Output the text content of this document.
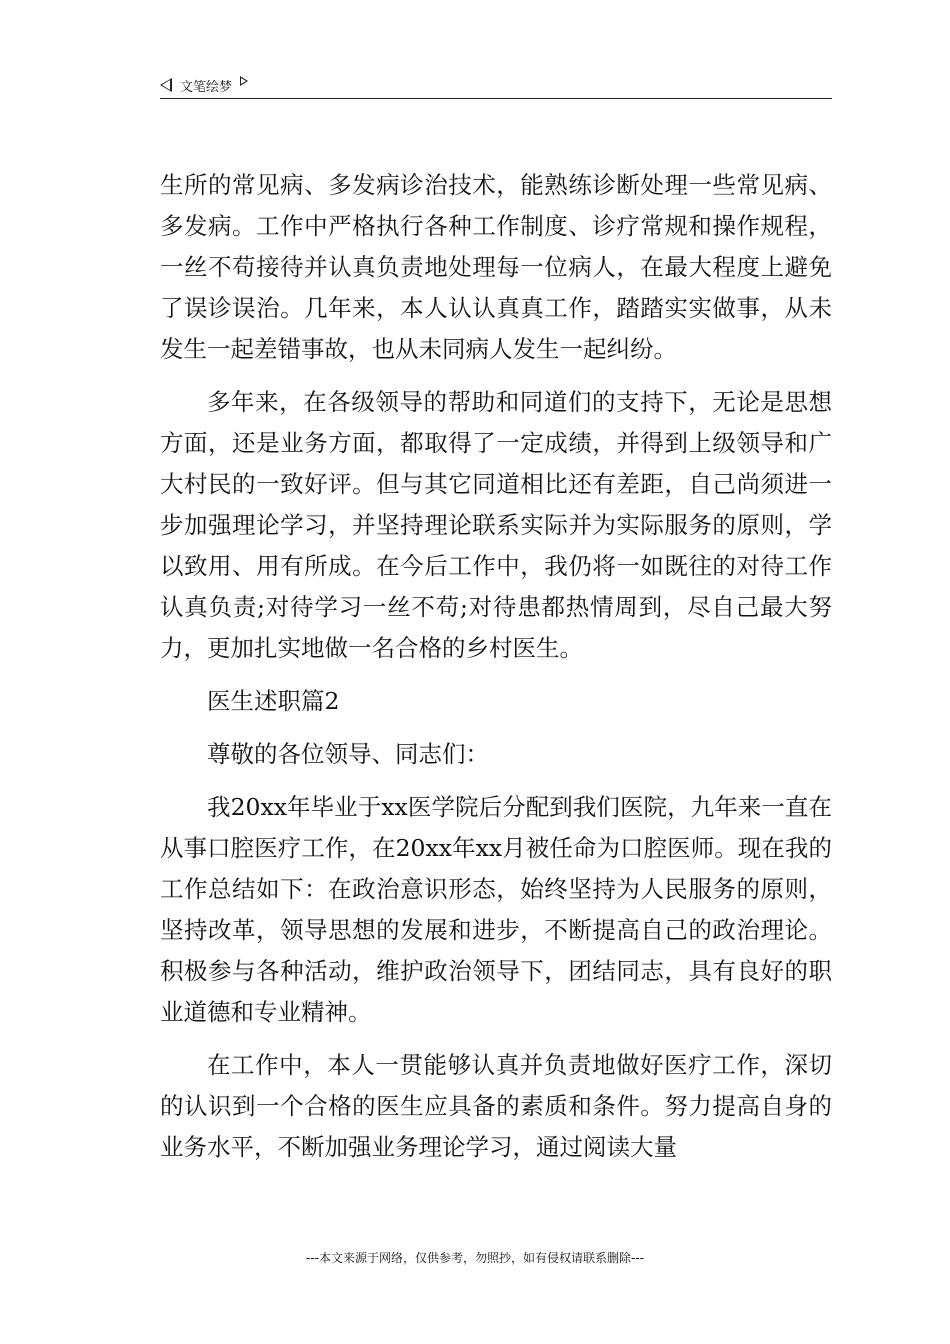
文笔绘梦

生所的常见病、多发病诊治技术，能熟练诊断处理一些常见病、多发病。工作中严格执行各种工作制度、诊疗常规和操作规程，一丝不苟接待并认真负责地处理每一位病人，在最大程度上避免了误诊误治。几年来，本人认认真真工作，踏踏实实做事，从未发生一起差错事故，也从未同病人发生一起纠纷。

多年来，在各级领导的帮助和同道们的支持下，无论是思想方面，还是业务方面，都取得了一定成绩，并得到上级领导和广大村民的一致好评。但与其它同道相比还有差距，自己尚须进一步加强理论学习，并坚持理论联系实际并为实际服务的原则，学以致用、用有所成。在今后工作中，我仍将一如既往的对待工作认真负责;对待学习一丝不苟;对待患都热情周到，尽自己最大努力，更加扎实地做一名合格的乡村医生。

医生述职篇2

尊敬的各位领导、同志们：

我20xx年毕业于xx医学院后分配到我们医院，九年来一直在从事口腔医疗工作，在20xx年xx月被任命为口腔医师。现在我的工作总结如下：在政治意识形态，始终坚持为人民服务的原则，坚持改革，领导思想的发展和进步，不断提高自己的政治理论。积极参与各种活动，维护政治领导下，团结同志，具有良好的职业道德和专业精神。

在工作中，本人一贯能够认真并负责地做好医疗工作，深切的认识到一个合格的医生应具备的素质和条件。努力提高自身的业务水平，不断加强业务理论学习，通过阅读大量

---本文来源于网络，仅供参考，勿照抄，如有侵权请联系删除---
